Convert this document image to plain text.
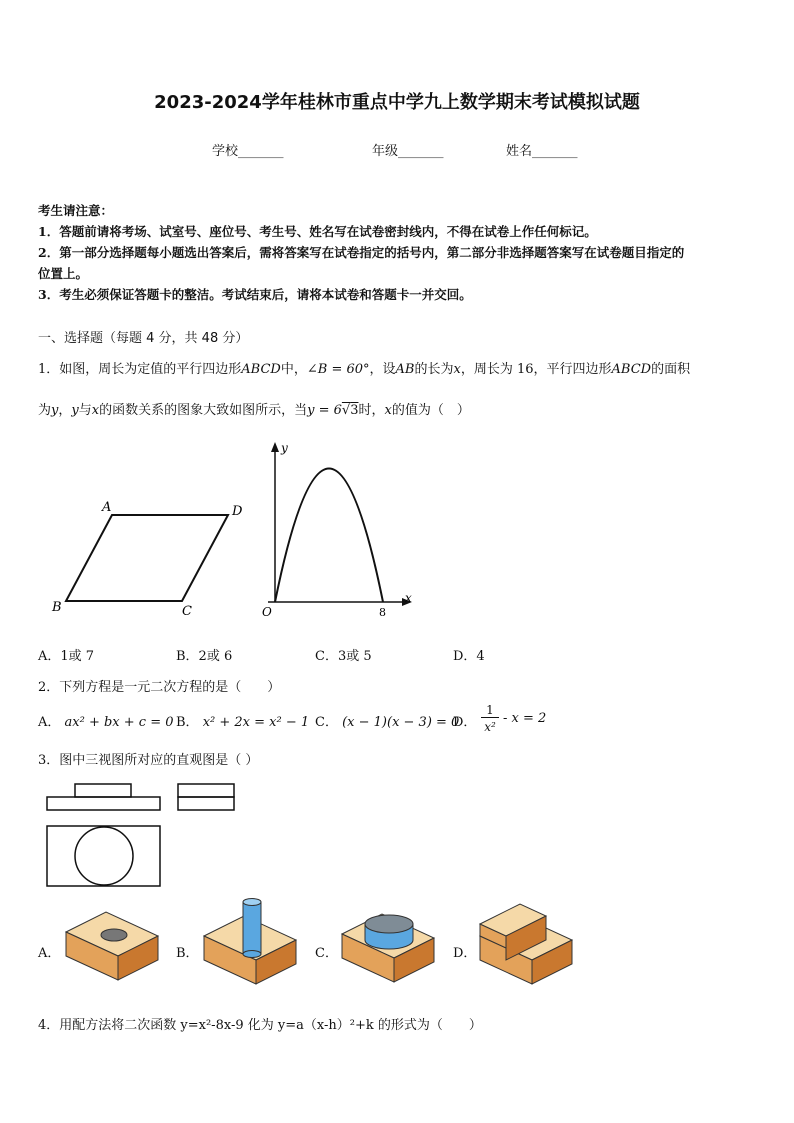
2023-2024学年桂林市重点中学九上数学期末考试模拟试题
学校_______	年级_______	姓名_______
考生请注意：
1．答题前请将考场、试室号、座位号、考生号、姓名写在试卷密封线内，不得在试卷上作任何标记。
2．第一部分选择题每小题选出答案后，需将答案写在试卷指定的括号内，第二部分非选择题答案写在试卷题目指定的
位置上。
3．考生必须保证答题卡的整洁。考试结束后，请将本试卷和答题卡一并交回。
一、选择题（每题 4 分，共 48 分）
1．如图，周长为定值的平行四边形ABCD中，∠B = 60°，设AB的长为x，周长为 16，平行四边形ABCD的面积
为y，y与x的函数关系的图象大致如图所示，当y = 6√3时，x的值为（　）
A	D
B	C
y
x
O	8
A．1或 7	B．2或 6	C．3或 5	D．4
2．下列方程是一元二次方程的是（　　）
A． ax² + bx + c = 0 B． x² + 2x = x² − 1 C． (x − 1)(x − 3) = 0
D．
1
x²
- x = 2
3．图中三视图所对应的直观图是（ ）
A．	B．	C．	D．
4．用配方法将二次函数 y=x²-8x-9 化为 y=a（x-h）²+k 的形式为（　　）
